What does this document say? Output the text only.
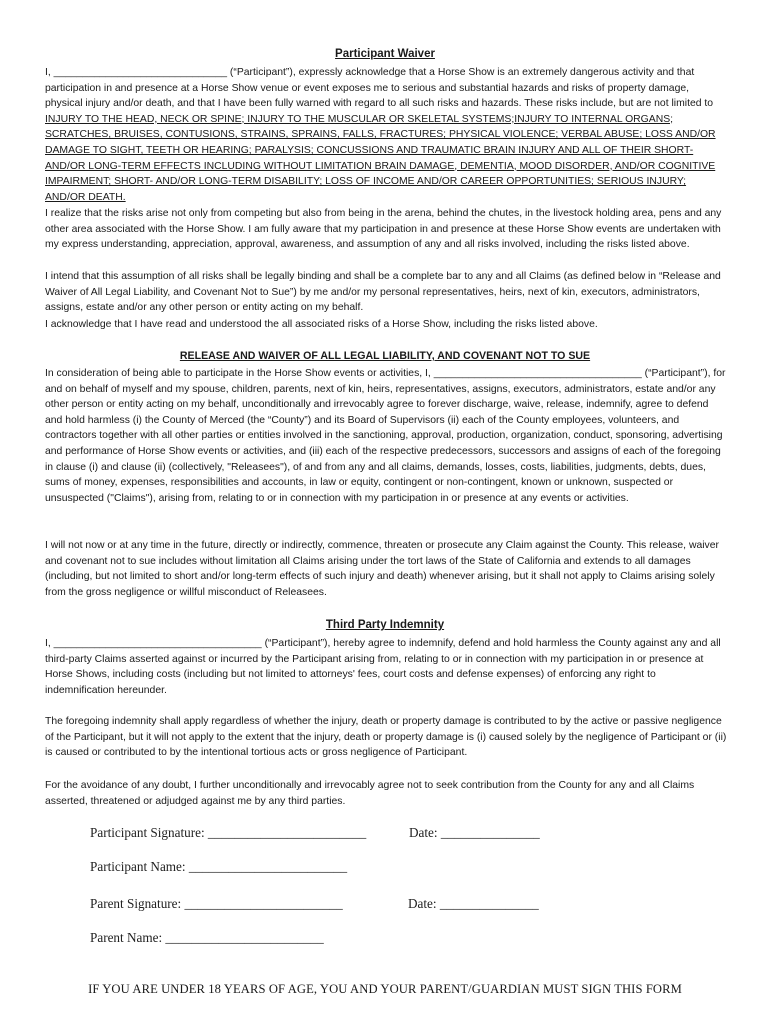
Participant Waiver

I, ______________________________ (“Participant”), expressly acknowledge that a Horse Show is an extremely dangerous activity and that participation in and presence at a Horse Show venue or event exposes me to serious and substantial hazards and risks of property damage, physical injury and/or death, and that I have been fully warned with regard to all such risks and hazards. These risks include, but are not limited to INJURY TO THE HEAD, NECK OR SPINE; INJURY TO THE MUSCULAR OR SKELETAL SYSTEMS;INJURY TO INTERNAL ORGANS; SCRATCHES, BRUISES, CONTUSIONS, STRAINS, SPRAINS, FALLS, FRACTURES; PHYSICAL VIOLENCE; VERBAL ABUSE; LOSS AND/OR DAMAGE TO SIGHT, TEETH OR HEARING; PARALYSIS; CONCUSSIONS AND TRAUMATIC BRAIN INJURY AND ALL OF THEIR SHORT- AND/OR LONG-TERM EFFECTS INCLUDING WITHOUT LIMITATION BRAIN DAMAGE, DEMENTIA, MOOD DISORDER, AND/OR COGNITIVE IMPAIRMENT; SHORT- AND/OR LONG-TERM DISABILITY; LOSS OF INCOME AND/OR CAREER OPPORTUNITIES; SERIOUS INJURY; AND/OR DEATH.

I realize that the risks arise not only from competing but also from being in the arena, behind the chutes, in the livestock holding area, pens and any other area associated with the Horse Show. I am fully aware that my participation in and presence at these Horse Show events are undertaken with my express understanding, appreciation, approval, awareness, and assumption of any and all risks involved, including the risks listed above.

I intend that this assumption of all risks shall be legally binding and shall be a complete bar to any and all Claims (as defined below in “Release and Waiver of All Legal Liability, and Covenant Not to Sue”) by me and/or my personal representatives, heirs, next of kin, executors, administrators, assigns, estate and/or any other person or entity acting on my behalf.

I acknowledge that I have read and understood the all associated risks of a Horse Show, including the risks listed above.

RELEASE AND WAIVER OF ALL LEGAL LIABILITY, AND COVENANT NOT TO SUE

In consideration of being able to participate in the Horse Show events or activities, I, ____________________________________ (“Participant”), for and on behalf of myself and my spouse, children, parents, next of kin, heirs, representatives, assigns, executors, administrators, estate and/or any other person or entity acting on my behalf, unconditionally and irrevocably agree to forever discharge, waive, release, indemnify, agree to defend and hold harmless (i) the County of Merced (the “County”) and its Board of Supervisors (ii) each of the County employees, volunteers, and contractors together with all other parties or entities involved in the sanctioning, approval, production, organization, conduct, sponsoring, advertising and performance of Horse Show events or activities, and (iii) each of the respective predecessors, successors and assigns of each of the foregoing in clause (i) and clause (ii) (collectively, "Releasees"), of and from any and all claims, demands, losses, costs, liabilities, judgments, debts, dues, sums of money, expenses, responsibilities and accounts, in law or equity, contingent or non-contingent, known or unknown, suspected or unsuspected ("Claims"), arising from, relating to or in connection with my participation in or presence at any events or activities.

I will not now or at any time in the future, directly or indirectly, commence, threaten or prosecute any Claim against the County. This release, waiver and covenant not to sue includes without limitation all Claims arising under the tort laws of the State of California and extends to all damages (including, but not limited to short and/or long-term effects of such injury and death) whenever arising, but it shall not apply to Claims arising solely from the gross negligence or willful misconduct of Releasees.

Third Party Indemnity

I, ____________________________________ (“Participant”), hereby agree to indemnify, defend and hold harmless the County against any and all third-party Claims asserted against or incurred by the Participant arising from, relating to or in connection with my participation in or presence at Horse Shows, including costs (including but not limited to attorneys' fees, court costs and defense expenses) of enforcing any right to indemnification hereunder.

The foregoing indemnity shall apply regardless of whether the injury, death or property damage is contributed to by the active or passive negligence of the Participant, but it will not apply to the extent that the injury, death or property damage is (i) caused solely by the negligence of Participant or (ii) is caused or contributed to by the intentional tortious acts or gross negligence of Participant.

For the avoidance of any doubt, I further unconditionally and irrevocably agree not to seek contribution from the County for any and all Claims asserted, threatened or adjudged against me by any third parties.

Participant Signature: ________________________	Date: _______________
Participant Name: ________________________
Parent Signature: ________________________	Date: _______________
Parent Name: ________________________
IF YOU ARE UNDER 18 YEARS OF AGE, YOU AND YOUR PARENT/GUARDIAN MUST SIGN THIS FORM
